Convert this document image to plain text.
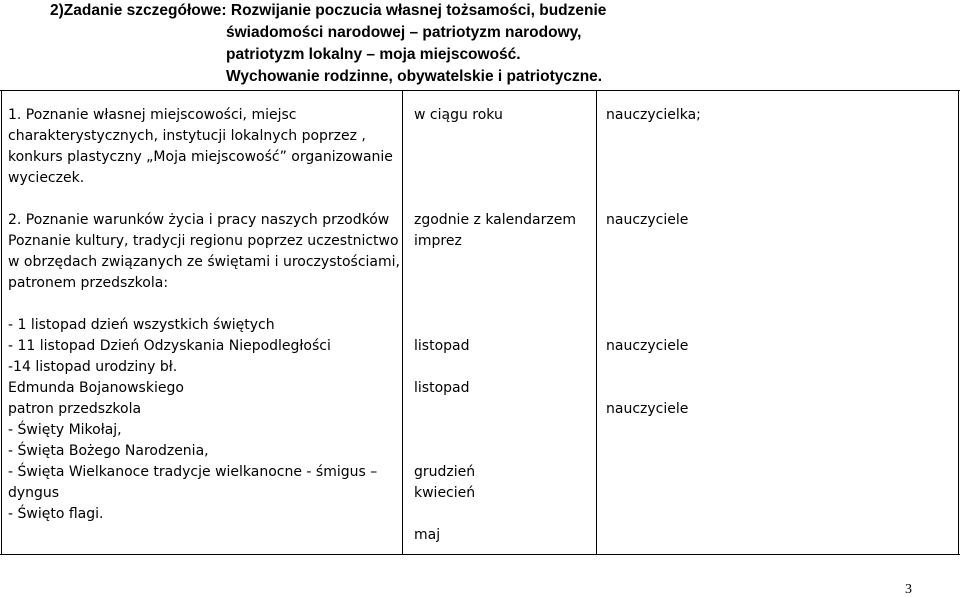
2)Zadanie szczegółowe: Rozwijanie poczucia własnej tożsamości, budzenie
świadomości narodowej – patriotyzm narodowy,
patriotyzm lokalny – moja miejscowość.
Wychowanie rodzinne, obywatelskie i patriotyczne.
1. Poznanie własnej miejscowości, miejsc
charakterystycznych, instytucji lokalnych poprzez ,
konkurs plastyczny „Moja miejscowość” organizowanie
wycieczek.
w ciągu roku	nauczycielka;
2. Poznanie warunków życia i pracy naszych przodków
Poznanie kultury, tradycji regionu poprzez uczestnictwo
w obrzędach związanych ze świętami i uroczystościami,
patronem przedszkola:
zgodnie z kalendarzem
imprez
nauczyciele
- 1 listopad dzień wszystkich świętych
- 11 listopad Dzień Odzyskania Niepodległości
-14 listopad urodziny bł.
Edmunda Bojanowskiego
patron przedszkola
- Święty Mikołaj,
- Święta Bożego Narodzenia,
- Święta Wielkanoce tradycje wielkanocne - śmigus –
dyngus
- Święto flagi.
listopad
listopad
grudzień
kwiecień
maj
nauczyciele
nauczyciele
3
